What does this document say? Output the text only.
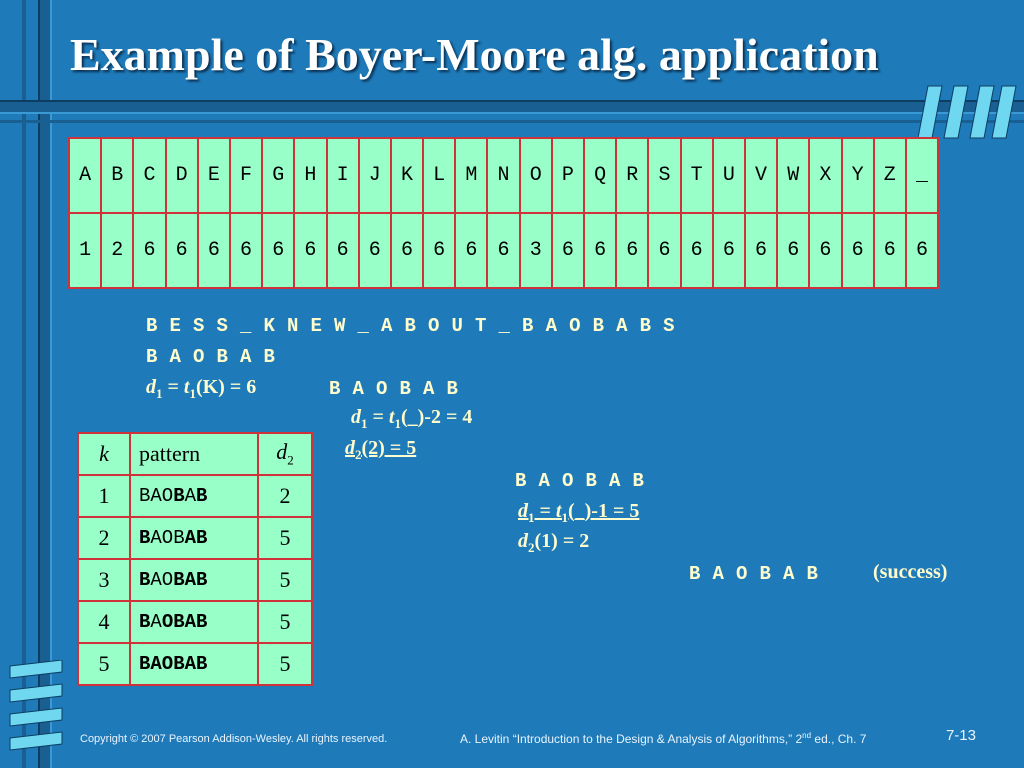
Example of Boyer-Moore alg. application
A	B	C	D	E	F	G	H	I	J	K	L	M	N	O	P	Q	R	S	T	U	V	W	X	Y	Z	_
1	2	6	6	6	6	6	6	6	6	6	6	6	6	3	6	6	6	6	6	6	6	6	6	6	6	6
B E S S _ K N E W _ A B O U T _ B A O B A B S
B A O B A B
$d_1 = t_1(K) = 6$	B A O B A B
$d_1$ = $t_1(\_)-2 = 4$
$d_2(2) = 5$
B A O B A B
$d_1$ = $t_1(\_)-1 = 5$
$d_2(1) = 2$
B A O B A B	(success)
k	pattern	$d_2$
1	BAOBAB	2
2	BAOBAB	5
3	BAOBAB	5
4	BAOBAB	5
5	BAOBAB	5
Copyright © 2007 Pearson Addison-Wesley. All rights reserved.	A. Levitin “Introduction to the Design & Analysis of Algorithms,” 2nd ed., Ch. 7	7-13
